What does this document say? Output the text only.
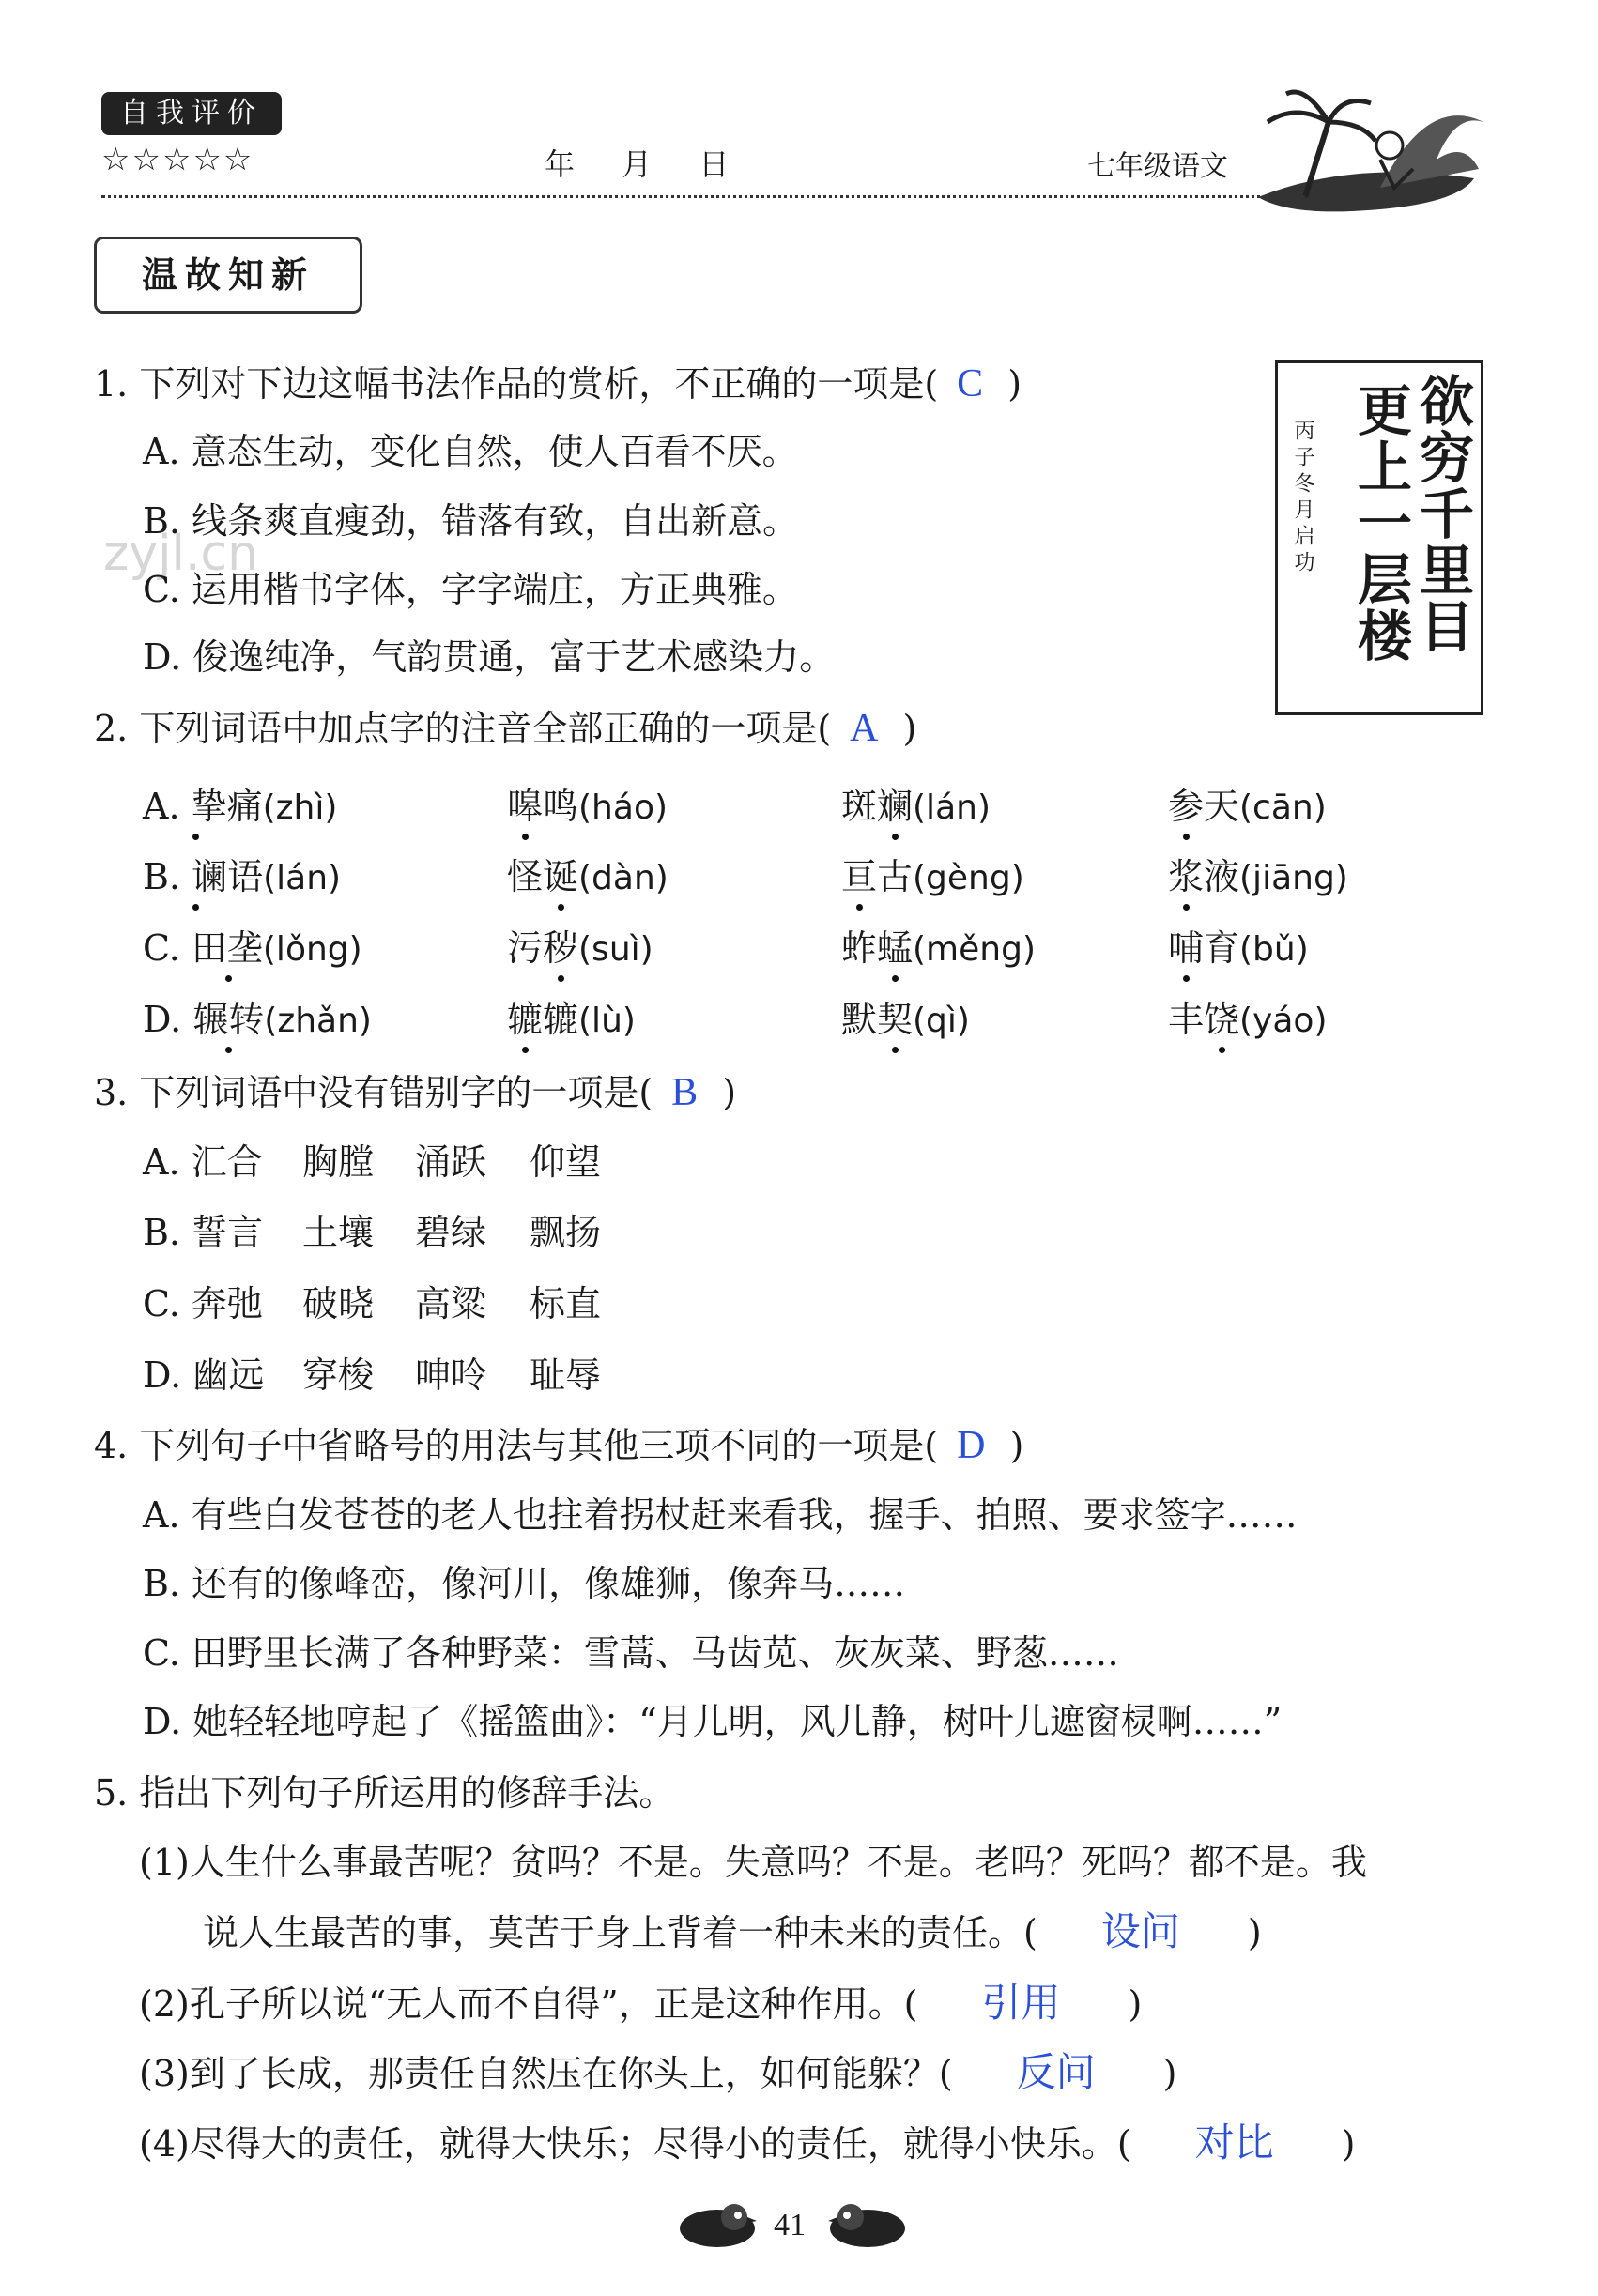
自我评价
☆☆☆☆☆	年 月 日	七年级语文
温故知新
zyjl.cn	欲穷千里目
更上一层楼
丙子冬月启功
1. 下列对下边这幅书法作品的赏析，不正确的一项是( C )
A. 意态生动，变化自然，使人百看不厌。
B. 线条爽直瘦劲，错落有致，自出新意。
C. 运用楷书字体，字字端庄，方正典雅。
D. 俊逸纯净，气韵贯通，富于艺术感染力。
2. 下列词语中加点字的注音全部正确的一项是( A )
A. 挚痛(zhì)	嗥鸣(háo)	斑斓(lán)	参天(cān)
B. 谰语(lán)	怪诞(dàn)	亘古(gèng)	浆液(jiāng)
C. 田垄(lǒng)	污秽(suì)	蚱蜢(měng)	哺育(bǔ)
D. 辗转(zhǎn)	辘辘(lù)	默契(qì)	丰饶(yáo)
3. 下列词语中没有错别字的一项是( B )
A. 汇合 胸膛 涌跃 仰望
B. 誓言 土壤 碧绿 飘扬
C. 奔弛 破晓 高粱 标直
D. 幽远 穿梭 呻呤 耻辱
4. 下列句子中省略号的用法与其他三项不同的一项是( D )
A. 有些白发苍苍的老人也拄着拐杖赶来看我，握手、拍照、要求签字……
B. 还有的像峰峦，像河川，像雄狮，像奔马……
C. 田野里长满了各种野菜：雪蒿、马齿苋、灰灰菜、野葱……
D. 她轻轻地哼起了《摇篮曲》：“月儿明，风儿静，树叶儿遮窗棂啊……”
5. 指出下列句子所运用的修辞手法。
(1)人生什么事最苦呢？贫吗？不是。失意吗？不是。老吗？死吗？都不是。我
说人生最苦的事，莫苦于身上背着一种未来的责任。( 设问 )
(2)孔子所以说“无人而不自得”，正是这种作用。( 引用 )
(3)到了长成，那责任自然压在你头上，如何能躲？( 反问 )
(4)尽得大的责任，就得大快乐；尽得小的责任，就得小快乐。( 对比 )
41
